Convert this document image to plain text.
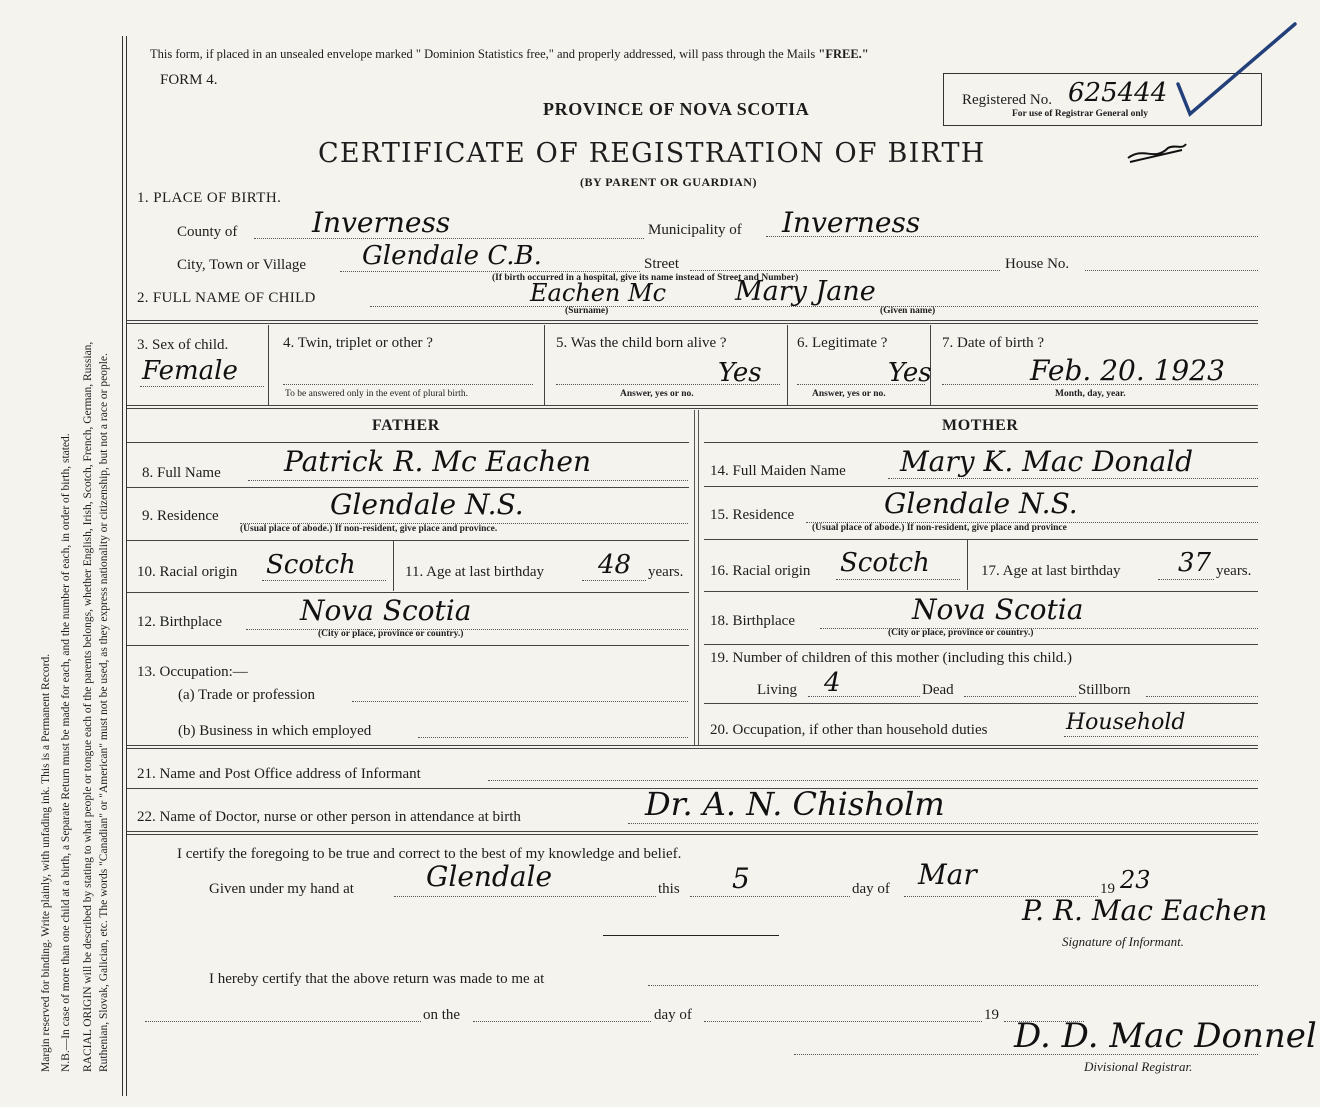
Margin reserved for binding. Write plainly, with unfading ink. This is a Permanent Record. N.B.—In case of more than one child at a birth, a Separate Return must be made for each, and the number of each, in order of birth, stated. RACIAL ORIGIN will be described by stating to what people or tongue each of the parents belongs, whether English, Irish, Scotch, French, German, Russian, Ruthenian, Slovak, Galician, etc. The words "Canadian" or "American" must not be used, as they express nationality or citizenship, but not a race or people.
This form, if placed in an unsealed envelope marked " Dominion Statistics free," and properly addressed, will pass through the Mails "FREE."
FORM 4.
PROVINCE OF NOVA SCOTIA
CERTIFICATE OF REGISTRATION OF BIRTH
(BY PARENT OR GUARDIAN)
Registered No. 625444
For use of Registrar General only
1. PLACE OF BIRTH.
County of	Inverness	Municipality of Inverness
City, Town or Village Glendale C.B.	Street	House No.
(If birth occurred in a hospital, give its name instead of Street and Number)
2. FULL NAME OF CHILD	Eachen Mc	Mary Jane
(Surname)	(Given name)
3. Sex of child.
Female
4. Twin, triplet or other ?
To be answered only in the event of plural birth.
5. Was the child born alive ?
Yes
Answer, yes or no.
6. Legitimate ?
Yes
Answer, yes or no.
7. Date of birth ?
Feb. 20. 1923
Month, day, year.
FATHER	MOTHER
8. Full Name Patrick R. Mc Eachen	14. Full Maiden Name Mary K. Mac Donald
9. Residence	Glendale N.S.
(Usual place of abode.) If non-resident, give place and province.
15. Residence	Glendale N.S.
(Usual place of abode.) If non-resident, give place and province
10. Racial origin Scotch	11. Age at last birthday 48 years. 16. Racial origin Scotch	17. Age at last birthday 37 years.
12. Birthplace	Nova Scotia
(City or place, province or country.)
18. Birthplace	Nova Scotia
(City or place, province or country.)
13. Occupation:—
(a) Trade or profession
(b) Business in which employed
19. Number of children of this mother (including this child.)
Living 4	Dead	Stillborn
20. Occupation, if other than household duties	Household
21. Name and Post Office address of Informant
22. Name of Doctor, nurse or other person in attendance at birth	Dr. A. N. Chisholm
I certify the foregoing to be true and correct to the best of my knowledge and belief.
Given under my hand at	Glendale	this 5	day of Mar	19 23
P. R. Mac Eachen
Signature of Informant.
I hereby certify that the above return was made to me at
on the	day of	19
D. D. Mac Donnel
Divisional Registrar.
